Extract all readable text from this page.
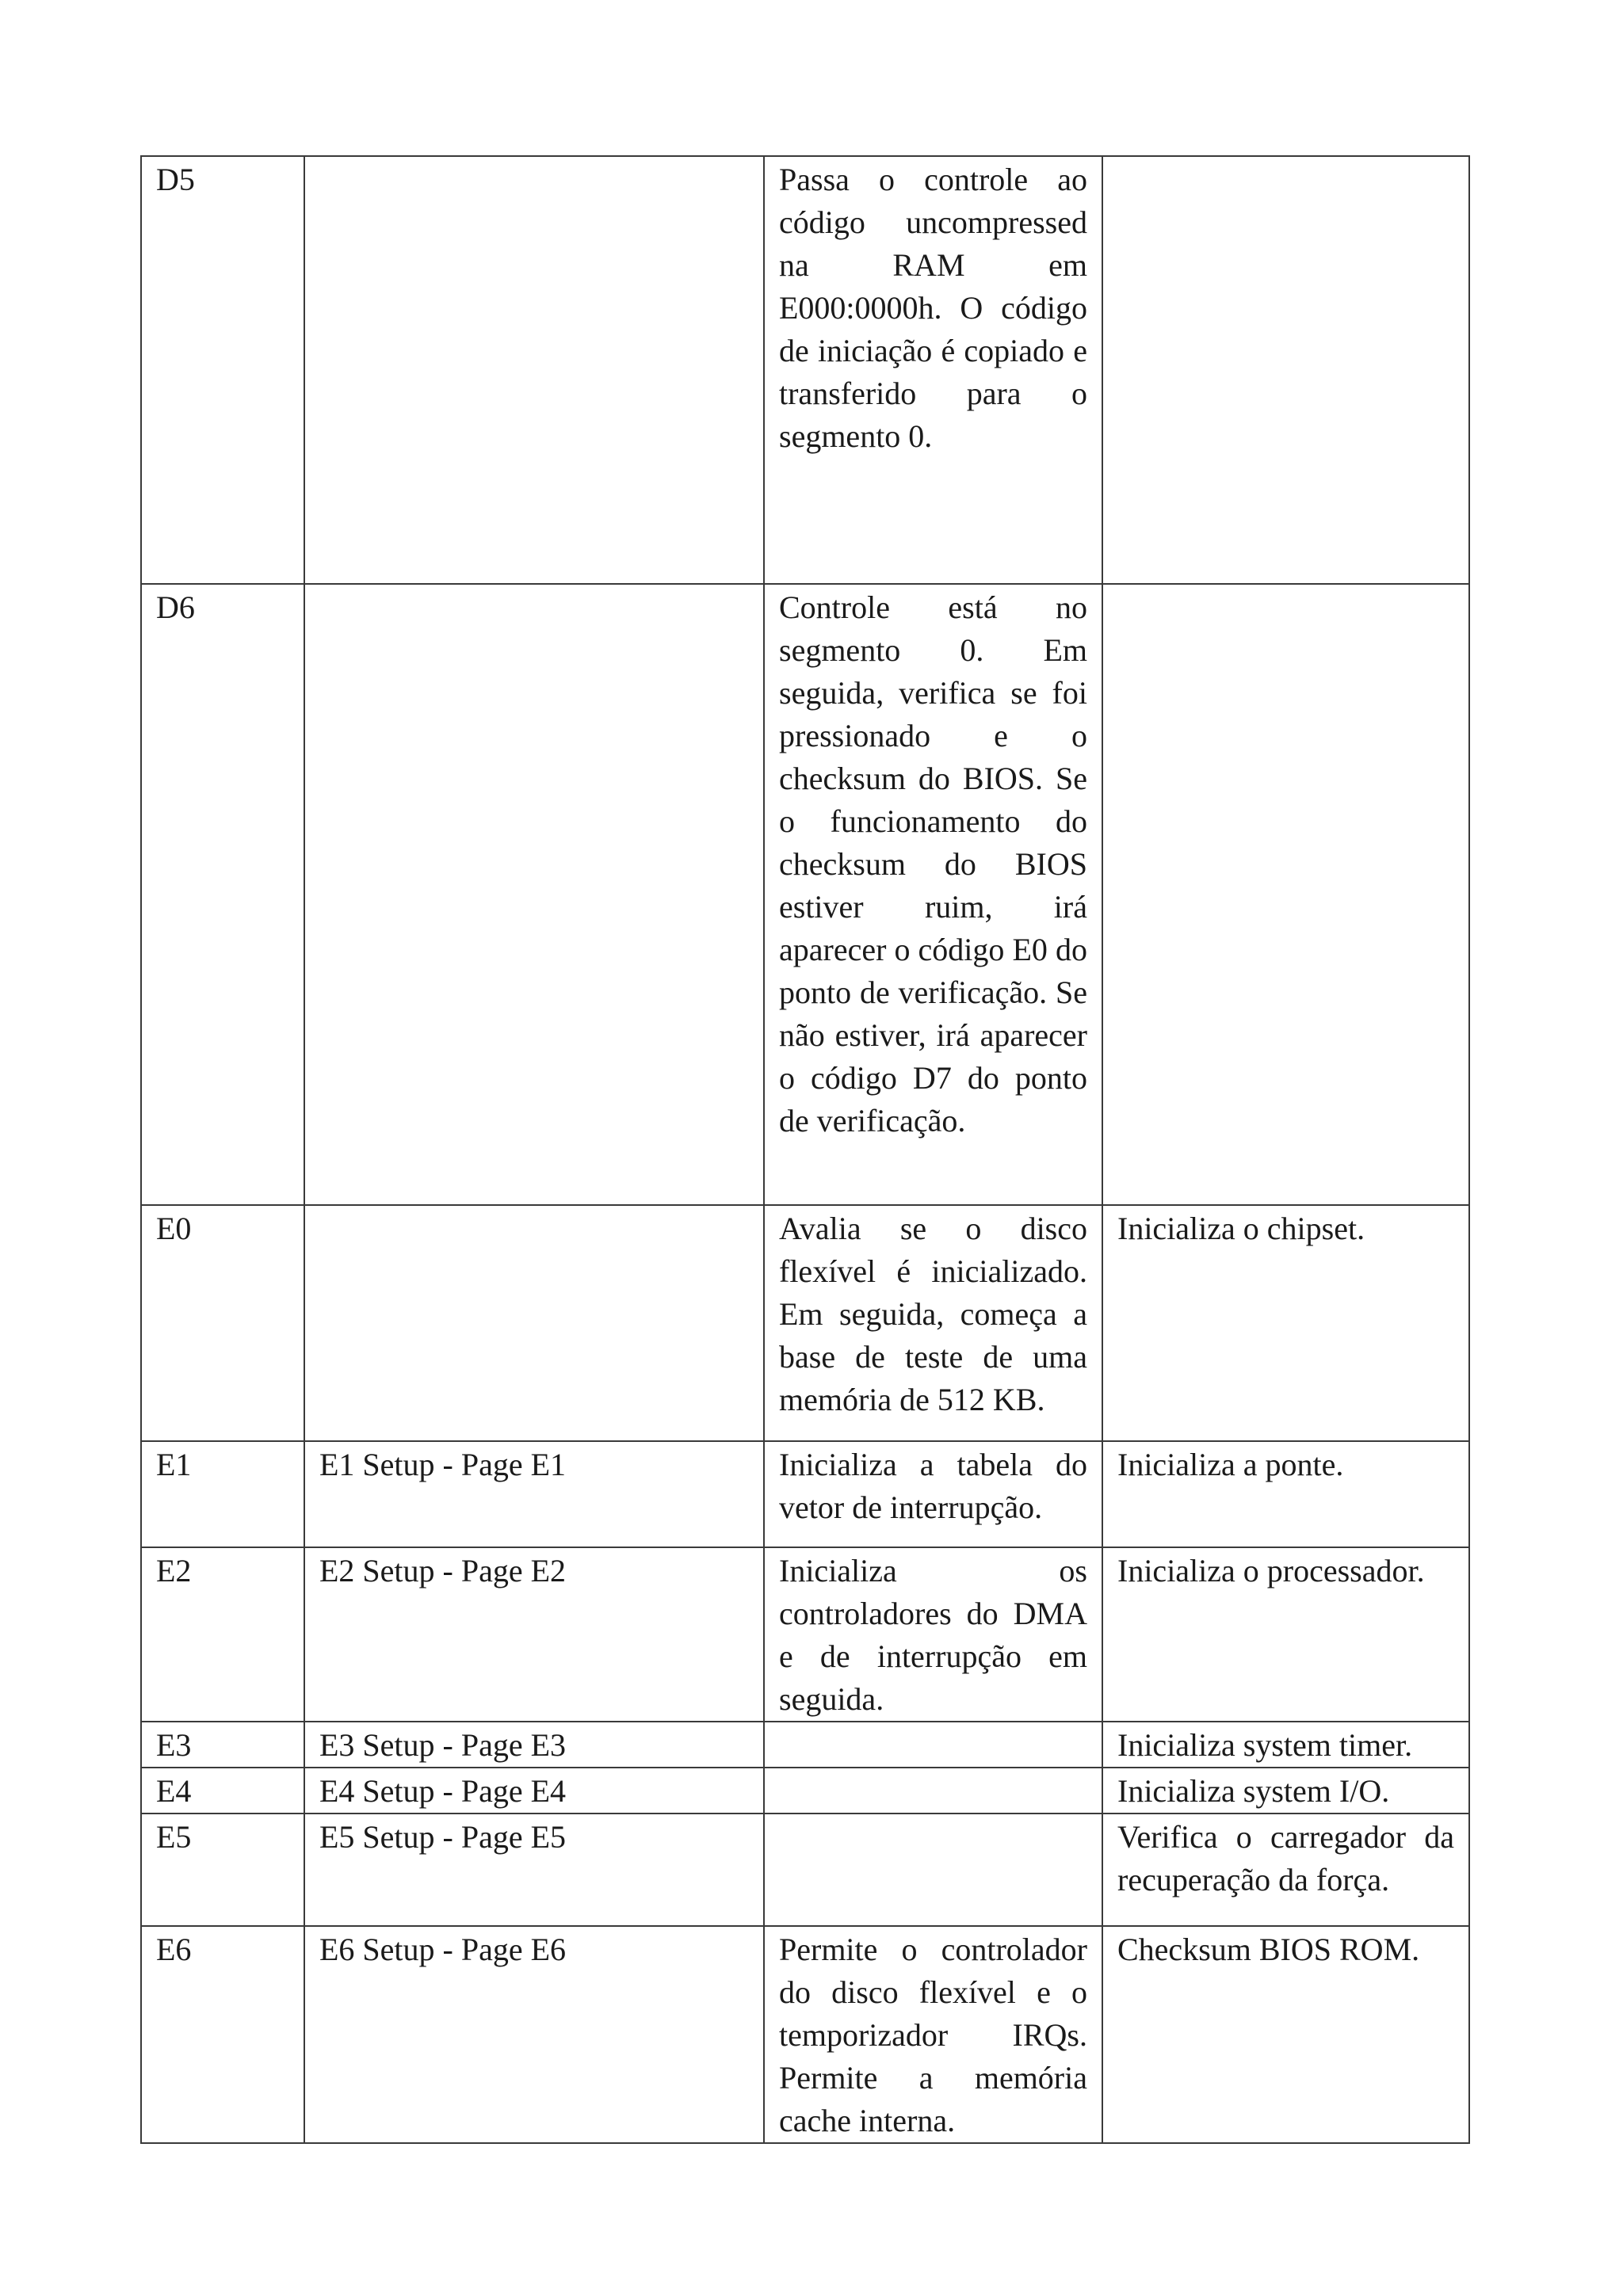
D5		Passa o controle ao código uncompressed na RAM em E000:0000h. O código de iniciação é copiado e transferido para o segmento 0.	
D6		Controle está no segmento 0. Em seguida, verifica se foi pressionado e o checksum do BIOS. Se o funcionamento do checksum do BIOS estiver ruim, irá aparecer o código E0 do ponto de verificação. Se não estiver, irá aparecer o código D7 do ponto de verificação.	
E0		Avalia se o disco flexível é inicializado. Em seguida, começa a base de teste de uma memória de 512 KB.	Inicializa o chipset.
E1	E1 Setup - Page E1	Inicializa a tabela do vetor de interrupção.	Inicializa a ponte.
E2	E2 Setup - Page E2	Inicializa os controladores do DMA e de interrupção em seguida.	Inicializa o processador.
E3	E3 Setup - Page E3		Inicializa system timer.
E4	E4 Setup - Page E4		Inicializa system I/O.
E5	E5 Setup - Page E5		Verifica o carregador da recuperação da força.
E6	E6 Setup - Page E6	Permite o controlador do disco flexível e o temporizador IRQs. Permite a memória cache interna.	Checksum BIOS ROM.
